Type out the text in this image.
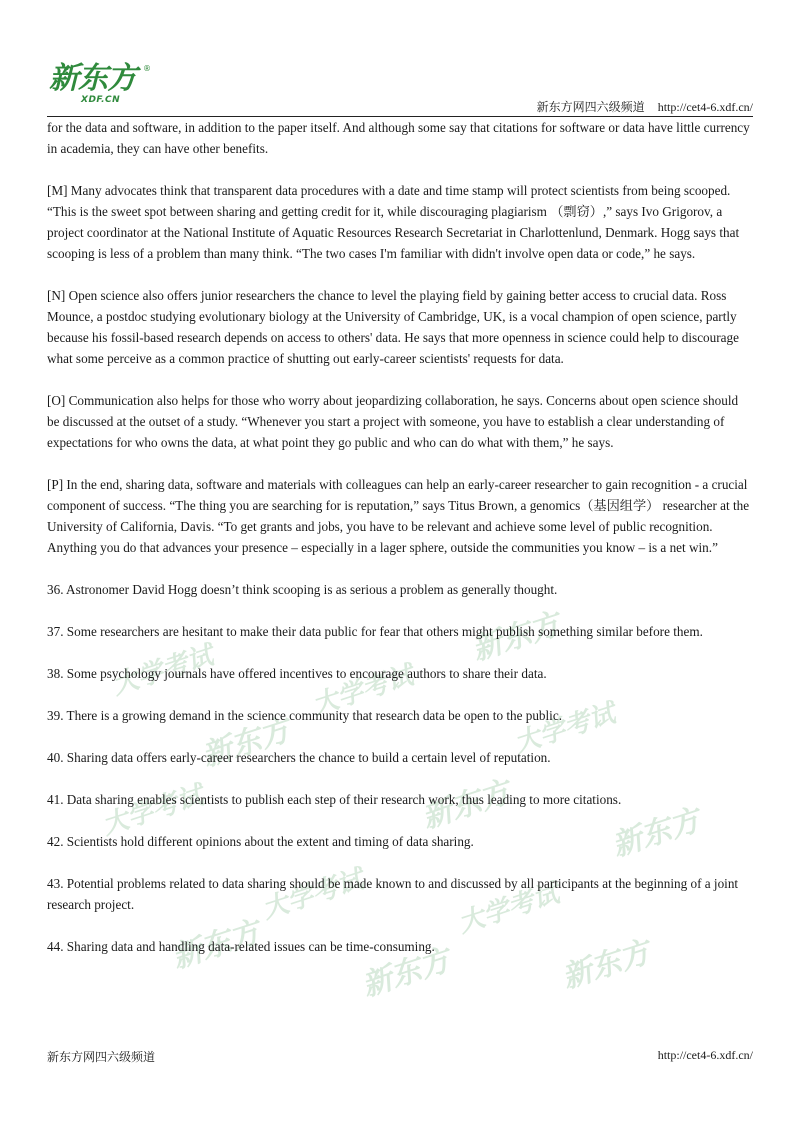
新东方 ®
XDF.CN	新东方网四六级频道 http://cet4-6.xdf.cn/
新东方
大学考试	大学考试
新东方	大学考试
大学考试	新东方	新东方
大学考试	大学考试
新东方	新东方	新东方

for the data and software, in addition to the paper itself. And although some say that citations for software or data have little currency in academia, they can have other benefits.

[M] Many advocates think that transparent data procedures with a date and time stamp will protect scientists from being scooped. “This is the sweet spot between sharing and getting credit for it, while discouraging plagiarism （剽窃）,” says Ivo Grigorov, a project coordinator at the National Institute of Aquatic Resources Research Secretariat in Charlottenlund, Denmark. Hogg says that scooping is less of a problem than many think. “The two cases I'm familiar with didn't involve open data or code,” he says.

[N] Open science also offers junior researchers the chance to level the playing field by gaining better access to crucial data. Ross Mounce, a postdoc studying evolutionary biology at the University of Cambridge, UK, is a vocal champion of open science, partly because his fossil-based research depends on access to others' data. He says that more openness in science could help to discourage what some perceive as a common practice of shutting out early-career scientists' requests for data.

[O] Communication also helps for those who worry about jeopardizing collaboration, he says. Concerns about open science should be discussed at the outset of a study. “Whenever you start a project with someone, you have to establish a clear understanding of expectations for who owns the data, at what point they go public and who can do what with them,” he says.

[P] In the end, sharing data, software and materials with colleagues can help an early-career researcher to gain recognition - a crucial component of success. “The thing you are searching for is reputation,” says Titus Brown, a genomics（基因组学） researcher at the University of California, Davis. “To get grants and jobs, you have to be relevant and achieve some level of public recognition. Anything you do that advances your presence – especially in a lager sphere, outside the communities you know – is a net win.”

36. Astronomer David Hogg doesn’t think scooping is as serious a problem as generally thought.

37. Some researchers are hesitant to make their data public for fear that others might publish something similar before them.

38. Some psychology journals have offered incentives to encourage authors to share their data.

39. There is a growing demand in the science community that research data be open to the public.

40. Sharing data offers early-career researchers the chance to build a certain level of reputation.

41. Data sharing enables scientists to publish each step of their research work, thus leading to more citations.

42. Scientists hold different opinions about the extent and timing of data sharing.

43. Potential problems related to data sharing should be made known to and discussed by all participants at the beginning of a joint research project.

44. Sharing data and handling data-related issues can be time-consuming.

新东方网四六级频道	http://cet4-6.xdf.cn/
